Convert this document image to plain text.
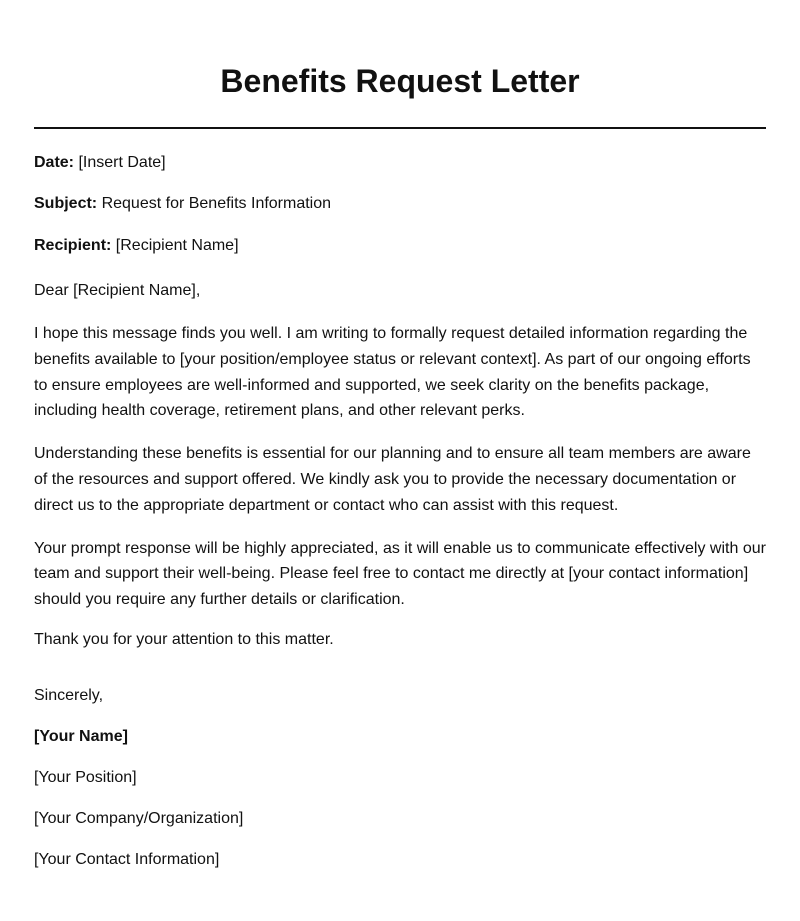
Benefits Request Letter

Date: [Insert Date]

Subject: Request for Benefits Information

Recipient: [Recipient Name]

Dear [Recipient Name],

I hope this message finds you well. I am writing to formally request detailed information regarding the benefits available to [your position/employee status or relevant context]. As part of our ongoing efforts to ensure employees are well-informed and supported, we seek clarity on the benefits package, including health coverage, retirement plans, and other relevant perks.

Understanding these benefits is essential for our planning and to ensure all team members are aware of the resources and support offered. We kindly ask you to provide the necessary documentation or direct us to the appropriate department or contact who can assist with this request.

Your prompt response will be highly appreciated, as it will enable us to communicate effectively with our team and support their well-being. Please feel free to contact me directly at [your contact information] should you require any further details or clarification.

Thank you for your attention to this matter.

Sincerely,

[Your Name]

[Your Position]

[Your Company/Organization]

[Your Contact Information]
